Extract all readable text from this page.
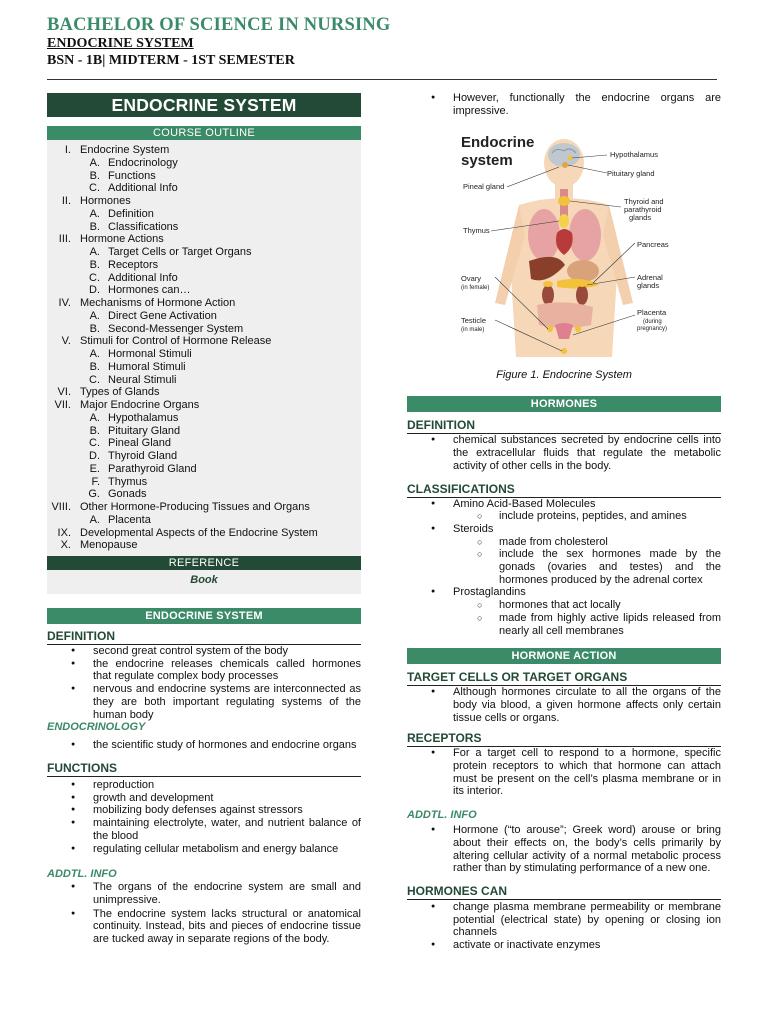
BACHELOR OF SCIENCE IN NURSING
ENDOCRINE SYSTEM
BSN - 1B| MIDTERM - 1ST SEMESTER
ENDOCRINE SYSTEM
COURSE OUTLINE
I. Endocrine System
A. Endocrinology
B. Functions
C. Additional Info
II. Hormones
A. Definition
B. Classifications
III. Hormone Actions
A. Target Cells or Target Organs
B. Receptors
C. Additional Info
D. Hormones can…
IV. Mechanisms of Hormone Action
A. Direct Gene Activation
B. Second-Messenger System
V. Stimuli for Control of Hormone Release
A. Hormonal Stimuli
B. Humoral Stimuli
C. Neural Stimuli
VI. Types of Glands
VII. Major Endocrine Organs
A. Hypothalamus
B. Pituitary Gland
C. Pineal Gland
D. Thyroid Gland
E. Parathyroid Gland
F. Thymus
G. Gonads
VIII. Other Hormone-Producing Tissues and Organs
A. Placenta
IX. Developmental Aspects of the Endocrine System
X. Menopause
REFERENCE
Book
ENDOCRINE SYSTEM
DEFINITION
● second great control system of the body
● the endocrine releases chemicals called hormones that regulate complex body processes
● nervous and endocrine systems are interconnected as they are both important regulating systems of the human body
ENDOCRINOLOGY
● the scientific study of hormones and endocrine organs
FUNCTIONS
● reproduction
● growth and development
● mobilizing body defenses against stressors
● maintaining electrolyte, water, and nutrient balance of the blood
● regulating cellular metabolism and energy balance
ADDTL. INFO
● The organs of the endocrine system are small and unimpressive.
● The endocrine system lacks structural or anatomical continuity. Instead, bits and pieces of endocrine tissue are tucked away in separate regions of the body.
● However, functionally the endocrine organs are impressive.
Endocrine
system	Hypothalamus
Pituitary gland
Pineal gland
Thyroid and
parathyroid
glands
Thymus
Pancreas
Ovary
(in female)
Adrenal
glands
Testicle
(in male)
Placenta
(during
pregnancy)
Figure 1. Endocrine System
HORMONES
DEFINITION
● chemical substances secreted by endocrine cells into the extracellular fluids that regulate the metabolic activity of other cells in the body.
CLASSIFICATIONS
● Amino Acid-Based Molecules
○ include proteins, peptides, and amines
● Steroids
○ made from cholesterol
○ include the sex hormones made by the gonads (ovaries and testes) and the hormones produced by the adrenal cortex
● Prostaglandins
○ hormones that act locally
○ made from highly active lipids released from nearly all cell membranes
HORMONE ACTION
TARGET CELLS OR TARGET ORGANS
● Although hormones circulate to all the organs of the body via blood, a given hormone affects only certain tissue cells or organs.
RECEPTORS
● For a target cell to respond to a hormone, specific protein receptors to which that hormone can attach must be present on the cell’s plasma membrane or in its interior.
ADDTL. INFO
● Hormone (“to arouse”; Greek word) arouse or bring about their effects on, the body’s cells primarily by altering cellular activity of a normal metabolic process rather than by stimulating performance of a new one.
HORMONES CAN
● change plasma membrane permeability or membrane potential (electrical state) by opening or closing ion channels
● activate or inactivate enzymes
